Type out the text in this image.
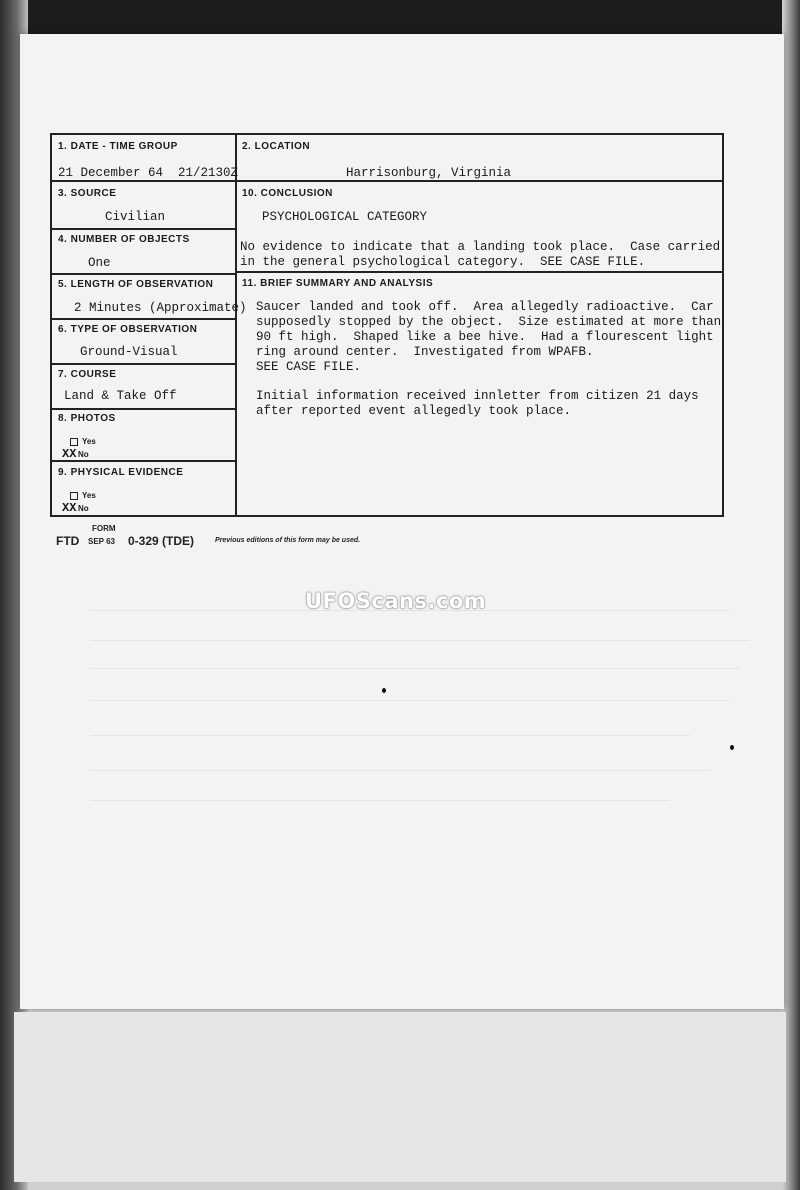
1. DATE - TIME GROUP
21 December 64  21/2130Z
2. LOCATION
Harrisonburg, Virginia
3. SOURCE
Civilian
10. CONCLUSION
PSYCHOLOGICAL CATEGORY
No evidence to indicate that a landing took place.  Case carried
in the general psychological category.  SEE CASE FILE.
4. NUMBER OF OBJECTS
One
5. LENGTH OF OBSERVATION
2 Minutes (Approximate)
11. BRIEF SUMMARY AND ANALYSIS
Saucer landed and took off.  Area allegedly radioactive.  Car
supposedly stopped by the object.  Size estimated at more than
90 ft high.  Shaped like a bee hive.  Had a flourescent light
ring around center.  Investigated from WPAFB.
SEE CASE FILE.
Initial information received innletter from citizen 21 days
after reported event allegedly took place.
6. TYPE OF OBSERVATION
Ground-Visual
7. COURSE
Land & Take Off
8. PHOTOS
Yes
No
XX
9. PHYSICAL EVIDENCE
Yes
No
XX
FORM
FTD SEP 63 0-329 (TDE)	Previous editions of this form may be used.
UFOScans.com
